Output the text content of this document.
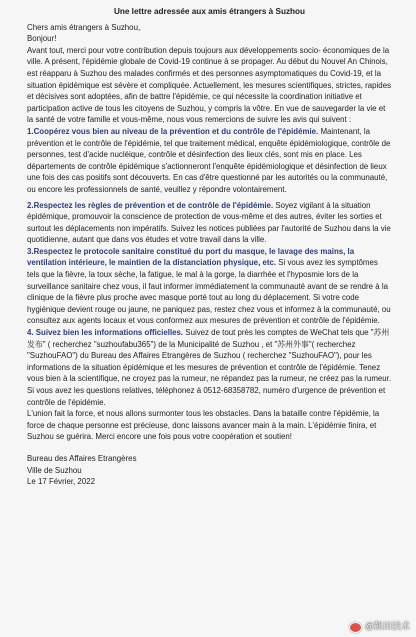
Une lettre adressée aux amis étrangers à Suzhou

Chers amis étrangers à Suzhou,

Bonjour!

Avant tout, merci pour votre contribution depuis toujours aux développements socio- économiques de la ville. A présent, l'épidémie globale de Covid-19 continue à se propager. Au début du Nouvel An Chinois, est réapparu à Suzhou des malades confirmés et des personnes asymptomatiques du Covid-19, et la situation épidémique est sévère et compliquée. Actuellement, les mesures scientifiques, strictes, rapides et décisives sont adoptées, afin de battre l'épidémie, ce qui nécessite la coordination initiative et participation active de tous les citoyens de Suzhou, y compris la vôtre. En vue de sauvegarder la vie et la santé de votre famille et vous-même, nous vous remercions de suivre les avis qui suivent :

1.Coopérez vous bien au niveau de la prévention et du contrôle de l'épidémie. Maintenant, la prévention et le contrôle de l'épidémie, tel que traitement médical, enquête épidémiologique, contrôle de personnes, test d'acide nucléique, contrôle et désinfection des lieux clés, sont mis en place. Les départements de contrôle épidémique s'actionneront l'enquête épidémiologique et désinfection de lieux une fois des cas positifs sont découverts. En cas d'être questionné par les autorités ou la communauté, ou encore les professionnels de santé, veuillez y répondre volontairement.

2.Respectez les règles de prévention et de contrôle de l'épidémie. Soyez vigilant à la situation épidémique, promouvoir la conscience de protection de vous-même et des autres, éviter les sorties et surtout les déplacements non impératifs. Suivez les notices publiées par l'autorité de Suzhou dans la vie quotidienne, autant que dans vos études et votre travail dans la ville.

3.Respectez le protocole sanitaire constitué du port du masque, le lavage des mains, la ventilation intérieure, le maintien de la distanciation physique, etc. Si vous avez les symptômes tels que la fièvre, la toux sèche, la fatigue, le mal à la gorge, la diarrhée et l'hyposmie lors de la surveillance sanitaire chez vous, il faut informer immédiatement la communauté avant de se rendre à la clinique de la fièvre plus proche avec masque porté tout au long du déplacement. Si votre code hygiénique devient rouge ou jaune, ne paniquez pas, restez chez vous et informez à la communauté, ou consultez aux agents locaux et vous conformez aux mesures de prévention et contrôle de l'épidémie.

4. Suivez bien les informations officielles. Suivez de tout près les comptes de WeChat tels que "苏州发布" ( recherchez "suzhoufabu365") de la Municipalité de Suzhou , et "苏州外事"( recherchez "SuzhouFAO") du Bureau des Affaires Etrangères de Suzhou ( recherchez "SuzhouFAO"), pour les informations de la situation épidémique et les mesures de prévention et contrôle de l'épidémie. Tenez vous bien à la scientifique, ne croyez pas la rumeur, ne répandez pas la rumeur, ne créez pas la rumeur. Si vous avez les questions relatives, téléphonez à 0512-68358782, numéro d'urgence de prévention et contrôle de l'épidémie.

L'union fait la force, et nous allons surmonter tous les obstacles. Dans la bataille contre l'épidémie, la force de chaque personne est précieuse, donc laissons avancer main à la main. L'épidémie finira, et Suzhou se guérira. Merci encore une fois pous votre coopération et soutien!

Bureau des Affaires Etrangères

Ville de Suzhou

Le 17 Février, 2022

@凯田技术
